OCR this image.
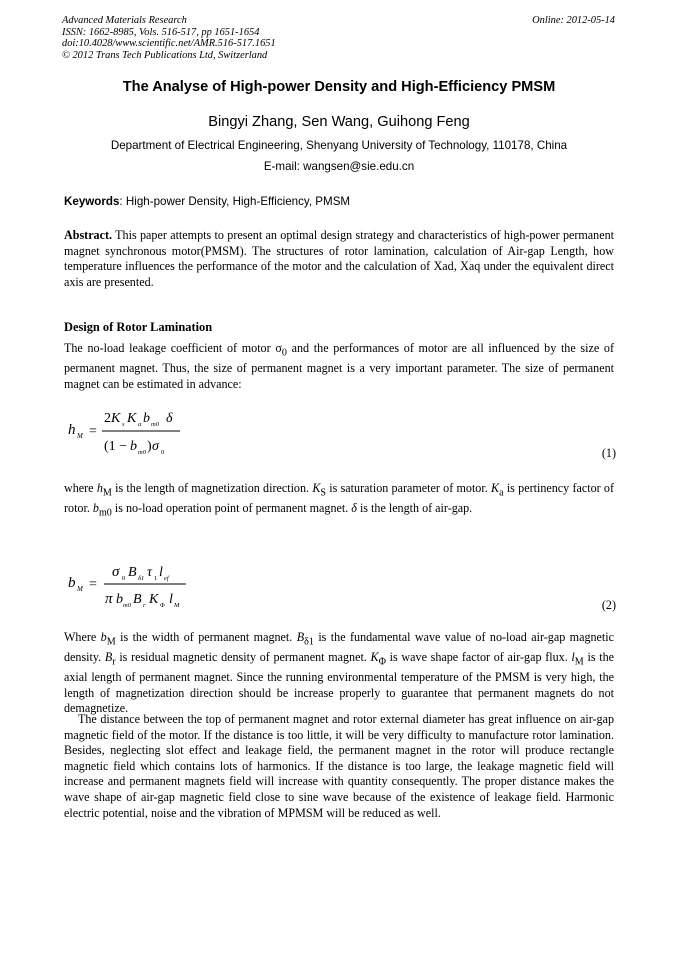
Advanced Materials Research
ISSN: 1662-8985, Vols. 516-517, pp 1651-1654
doi:10.4028/www.scientific.net/AMR.516-517.1651
© 2012 Trans Tech Publications Ltd, Switzerland
Online: 2012-05-14
The Analyse of High-power Density and High-Efficiency PMSM
Bingyi Zhang, Sen Wang, Guihong Feng
Department of Electrical Engineering, Shenyang University of Technology, 110178, China
E-mail: wangsen@sie.edu.cn
Keywords: High-power Density, High-Efficiency, PMSM
Abstract. This paper attempts to present an optimal design strategy and characteristics of high-power permanent magnet synchronous motor(PMSM). The structures of rotor lamination, calculation of Air-gap Length, how temperature influences the performance of the motor and the calculation of Xad, Xaq under the equivalent direct axis are presented.
Design of Rotor Lamination
The no-load leakage coefficient of motor $\sigma_0$ and the performances of motor are all influenced by the size of permanent magnet. Thus, the size of permanent magnet is a very important parameter. The size of permanent magnet can be estimated in advance:
h M =
2 K s K a b m0 δ
(1 − b m0 ) σ 0	(1)
where $h_M$ is the length of magnetization direction. $K_S$ is saturation parameter of motor. $K_a$ is pertinency factor of rotor. $b_{m0}$ is no-load operation point of permanent magnet. δ is the length of air-gap.
b M =
σ 0 B δ1 τ 1 l ef
π b m0 B r K Φ l M	(2)
Where $b_M$ is the width of permanent magnet. $B_{\delta 1}$ is the fundamental wave value of no-load air-gap magnetic density. $B_r$ is residual magnetic density of permanent magnet. $K_\Phi$ is wave shape factor of air-gap flux. $l_M$ is the axial length of permanent magnet. Since the running environmental temperature of the PMSM is very high, the length of magnetization direction should be increase properly to guarantee that permanent magnets do not demagnetize.
The distance between the top of permanent magnet and rotor external diameter has great influence on air-gap magnetic field of the motor. If the distance is too little, it will be very difficulty to manufacture rotor lamination. Besides, neglecting slot effect and leakage field, the permanent magnet in the rotor will produce rectangle magnetic field which contains lots of harmonics. If the distance is too large, the leakage magnetic field will increase and permanent magnets field will increase with quantity consequently. The proper distance makes the wave shape of air-gap magnetic field close to sine wave because of the existence of leakage field. Harmonic electric potential, noise and the vibration of MPMSM will be reduced as well.
